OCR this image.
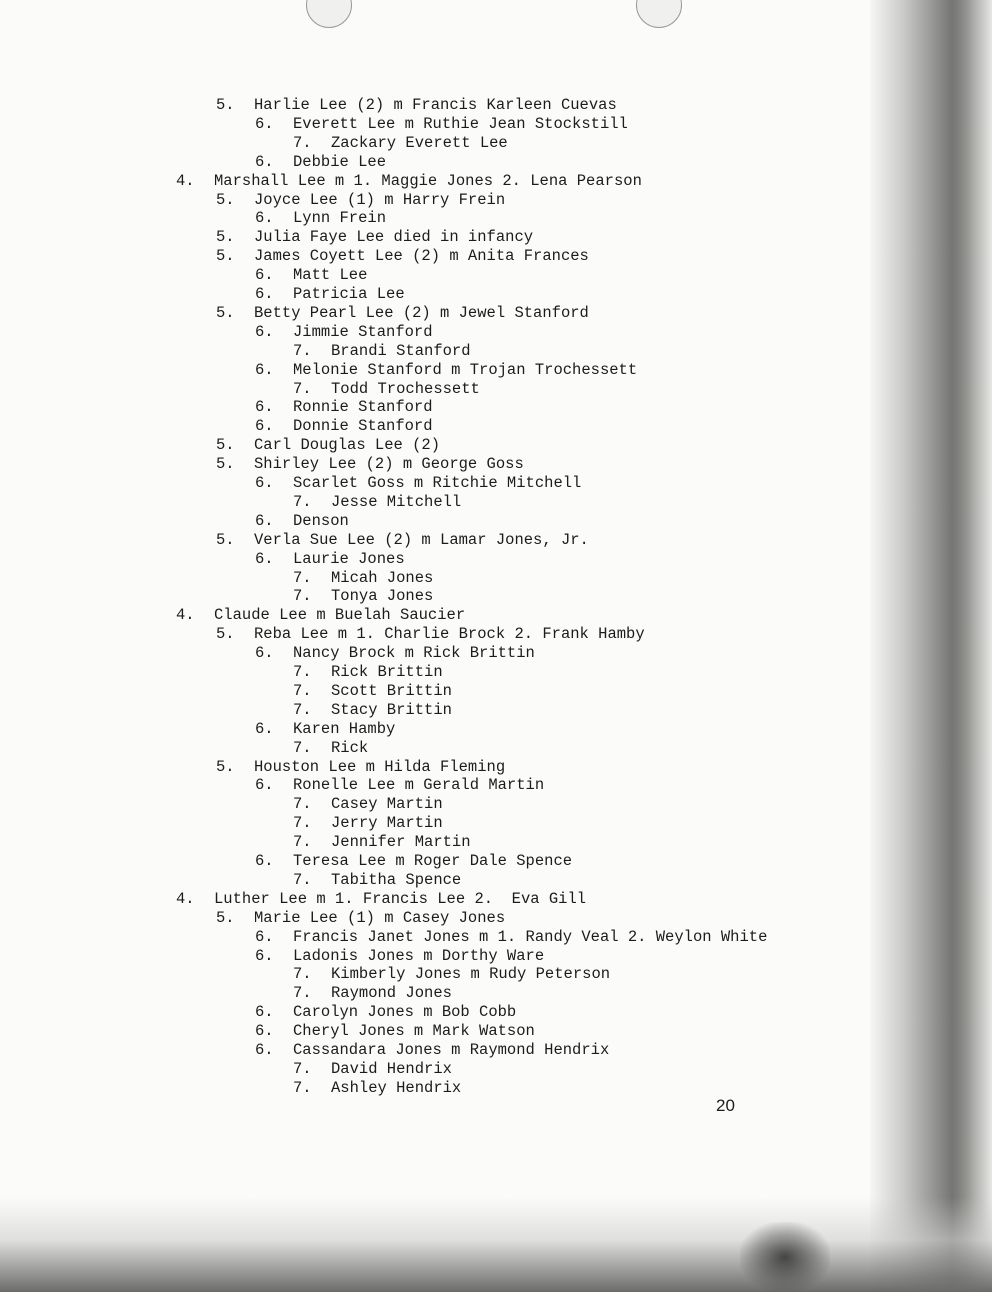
5. Harlie Lee (2) m Francis Karleen Cuevas
6. Everett Lee m Ruthie Jean Stockstill
7. Zackary Everett Lee
6. Debbie Lee
4. Marshall Lee m 1. Maggie Jones 2. Lena Pearson
5. Joyce Lee (1) m Harry Frein
6. Lynn Frein
5. Julia Faye Lee died in infancy
5. James Coyett Lee (2) m Anita Frances
6. Matt Lee
6. Patricia Lee
5. Betty Pearl Lee (2) m Jewel Stanford
6. Jimmie Stanford
7. Brandi Stanford
6. Melonie Stanford m Trojan Trochessett
7. Todd Trochessett
6. Ronnie Stanford
6. Donnie Stanford
5. Carl Douglas Lee (2)
5. Shirley Lee (2) m George Goss
6. Scarlet Goss m Ritchie Mitchell
7. Jesse Mitchell
6. Denson
5. Verla Sue Lee (2) m Lamar Jones, Jr.
6. Laurie Jones
7. Micah Jones
7. Tonya Jones
4. Claude Lee m Buelah Saucier
5. Reba Lee m 1. Charlie Brock 2. Frank Hamby
6. Nancy Brock m Rick Brittin
7. Rick Brittin
7. Scott Brittin
7. Stacy Brittin
6. Karen Hamby
7. Rick
5. Houston Lee m Hilda Fleming
6. Ronelle Lee m Gerald Martin
7. Casey Martin
7. Jerry Martin
7. Jennifer Martin
6. Teresa Lee m Roger Dale Spence
7. Tabitha Spence
4. Luther Lee m 1. Francis Lee 2.  Eva Gill
5. Marie Lee (1) m Casey Jones
6. Francis Janet Jones m 1. Randy Veal 2. Weylon White
6. Ladonis Jones m Dorthy Ware
7. Kimberly Jones m Rudy Peterson
7. Raymond Jones
6. Carolyn Jones m Bob Cobb
6. Cheryl Jones m Mark Watson
6. Cassandara Jones m Raymond Hendrix
7. David Hendrix
7. Ashley Hendrix
20
